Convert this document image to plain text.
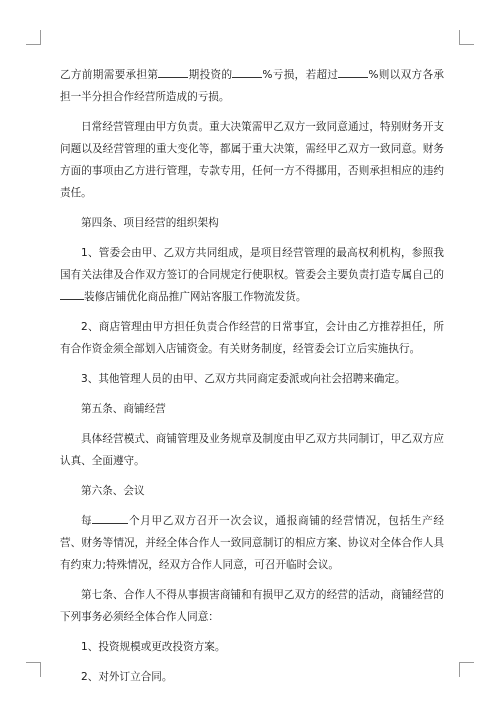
乙方前期需要承担第	期投资的	%亏损，若超过	%则以双方各承担一半分担合作经营所造成的亏损。

日常经营管理由甲方负责。重大决策需甲乙双方一致同意通过，特别财务开支问题以及经营管理的重大变化等，都属于重大决策，需经甲乙双方一致同意。财务方面的事项由乙方进行管理，专款专用，任何一方不得挪用，否则承担相应的违约责任。

第四条、项目经营的组织架构

1、管委会由甲、乙双方共同组成，是项目经营管理的最高权利机构，参照我国有关法律及合作双方签订的合同规定行使职权。管委会主要负责打造专属自己的装修店铺优化商品推广网站客服工作物流发货。

2、商店管理由甲方担任负责合作经营的日常事宜，会计由乙方推荐担任，所有合作资金须全部划入店铺资金。有关财务制度，经管委会订立后实施执行。

3、其他管理人员的由甲、乙双方共同商定委派或向社会招聘来确定。

第五条、商铺经营

具体经营模式、商铺管理及业务规章及制度由甲乙双方共同制订，甲乙双方应认真、全面遵守。

第六条、会议

每	个月甲乙双方召开一次会议，通报商铺的经营情况，包括生产经营、财务等情况，并经全体合作人一致同意制订的相应方案、协议对全体合作人具有约束力;特殊情况，经双方合作人同意，可召开临时会议。

第七条、合作人不得从事损害商铺和有损甲乙双方的经营的活动，商铺经营的下列事务必须经全体合作人同意：

1、投资规模或更改投资方案。

2、对外订立合同。
